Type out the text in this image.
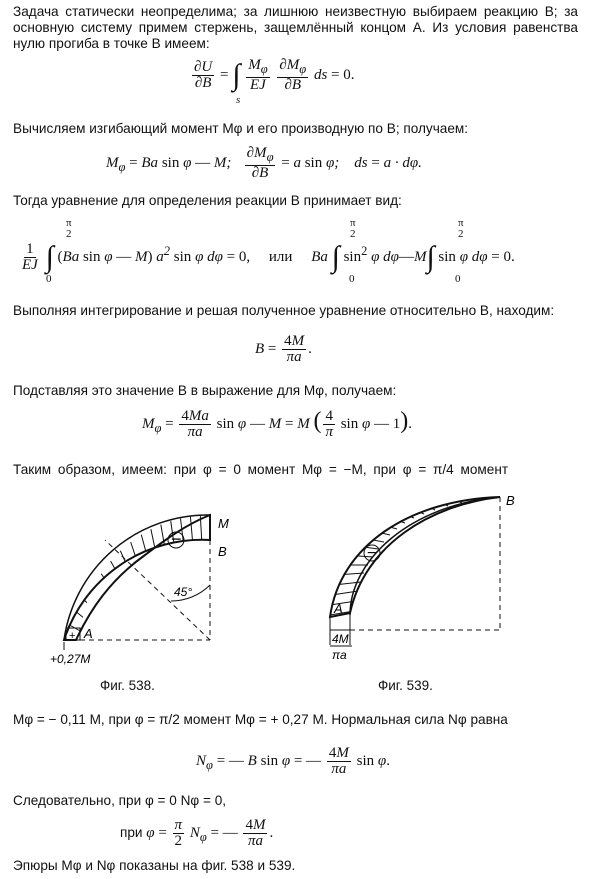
Задача статически неопределима; за лишнюю неизвестную выбираем реакцию B; за основную систему примем стержень, защемлённый концом A. Из условия равенства нулю прогиба в точке B имеем:
$\frac{\partial U}{\partial B}$ = ∫ $\frac{M_\varphi}{EJ}$
$\frac{\partial M_\varphi}{\partial B}$ ds = 0.
s
Вычисляем изгибающий момент Mφ и его производную по B; получаем:
$M_\varphi = Ba$ sin φ — M; $\frac{\partial M_\varphi}{\partial B} = a$ sin φ;    ds = a · dφ.
Тогда уравнение для определения реакции B принимает вид:
π
2
0
π
2
0
π
2
0
$\frac{1}{EJ}$ ∫ (Ba sin φ — M) $a^2$ sin φ dφ = 0, или     Ba ∫ $\sin^2 \varphi$ dφ—M∫ sin φ dφ = 0.
Выполняя интегрирование и решая полученное уравнение относительно B, находим:
$B = \frac{4M}{\pi a}$ .
Подставляя это значение B в выражение для Mφ, получаем:
$M_\varphi = \frac{4Ma}{\pi a}$ sin φ — M = M ( $\frac{4}{\pi}$ sin φ — 1).
Таким образом, имеем: при φ = 0 момент Mφ = −M, при φ = π/4 момент
−
+
M
B
A
45°
+0,27M
Фиг. 538.
−
B
A
4M
πa
Фиг. 539.
Mφ = − 0,11 M, при φ = π/2 момент Mφ = + 0,27 M. Нормальная сила Nφ равна
$N_\varphi$ = — B sin φ = — $\frac{4M}{\pi a}$ sin φ.
Следовательно, при φ = 0 Nφ = 0,
при $\varphi = \frac{\pi}{2} N_\varphi$ = — $\frac{4M}{\pi a}$ .
Эпюры Mφ и Nφ показаны на фиг. 538 и 539.
